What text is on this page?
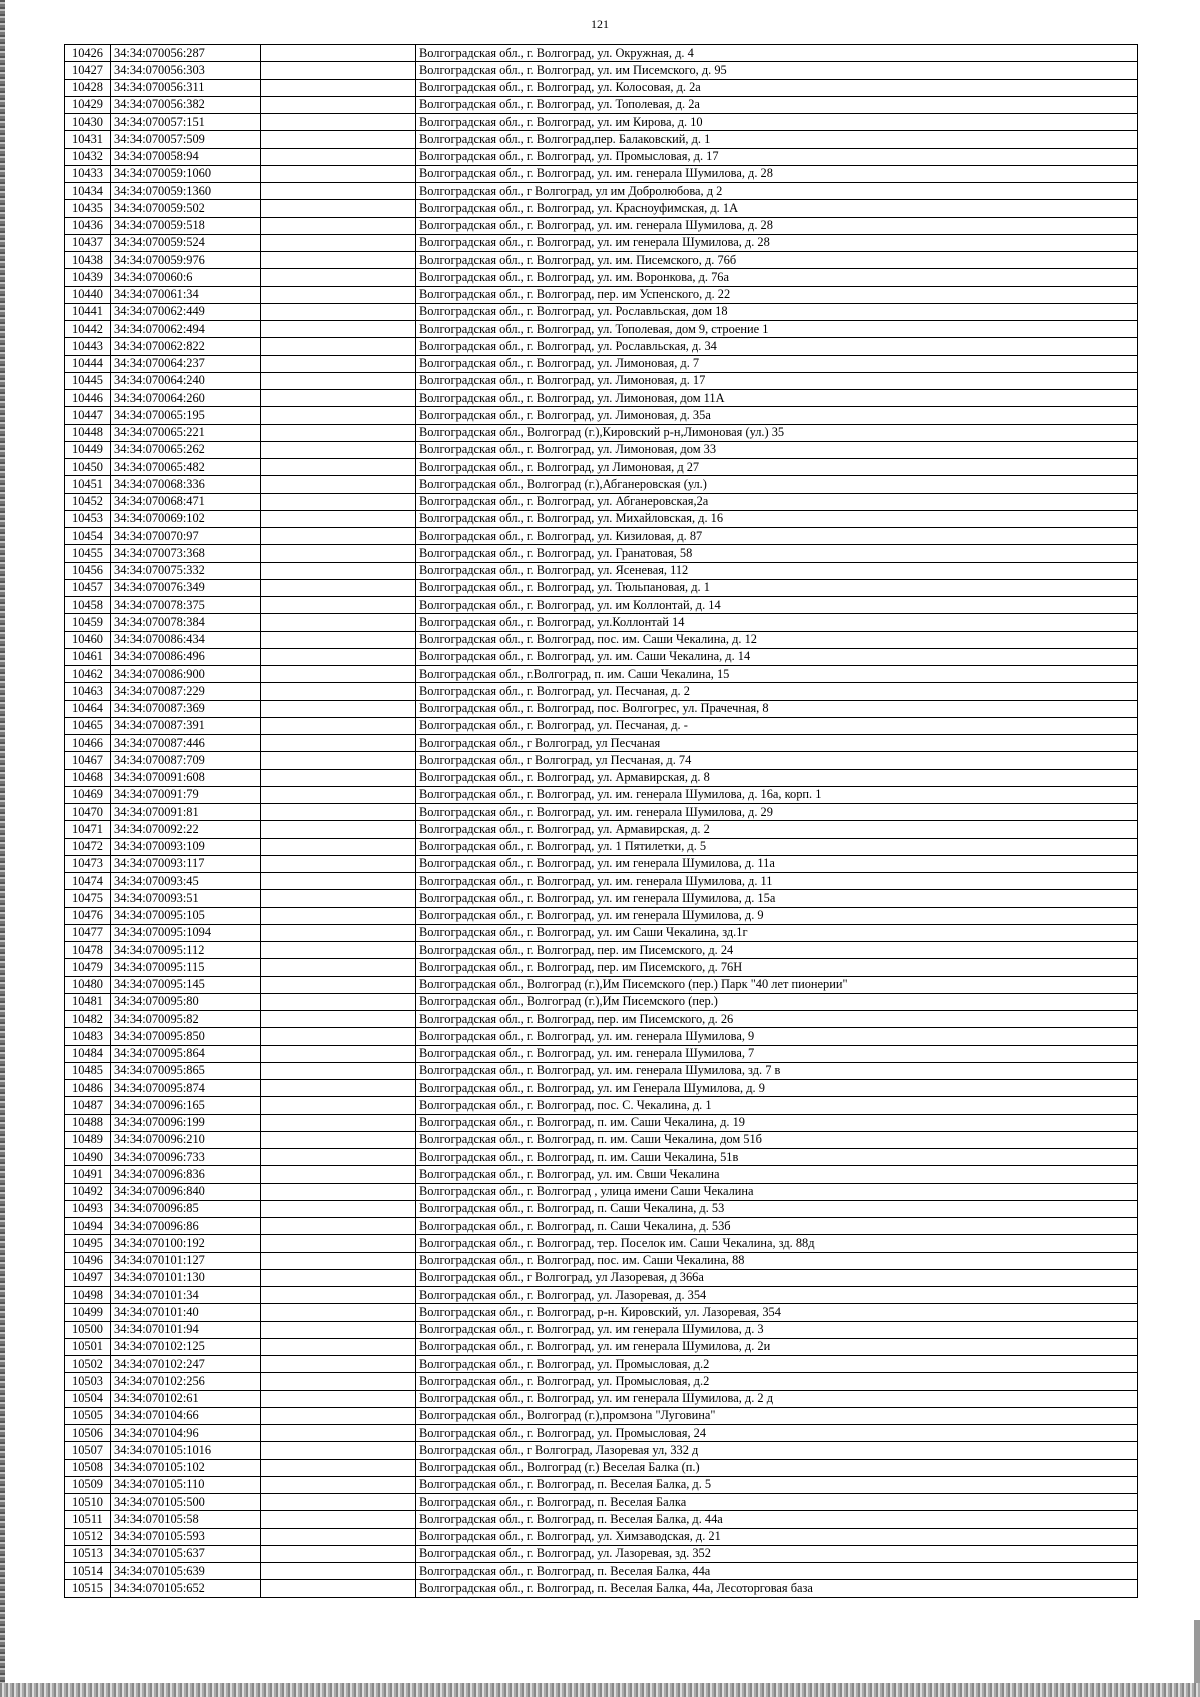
121
10426	34:34:070056:287		Волгоградская обл., г. Волгоград, ул. Окружная, д. 4
10427	34:34:070056:303		Волгоградская обл., г. Волгоград, ул. им Писемского, д. 95
10428	34:34:070056:311		Волгоградская обл., г. Волгоград, ул. Колосовая, д. 2а
10429	34:34:070056:382		Волгоградская обл., г. Волгоград, ул. Тополевая, д. 2а
10430	34:34:070057:151		Волгоградская обл., г. Волгоград, ул. им Кирова, д. 10
10431	34:34:070057:509		Волгоградская обл., г. Волгоград,пер. Балаковский, д. 1
10432	34:34:070058:94		Волгоградская обл., г. Волгоград, ул. Промысловая, д. 17
10433	34:34:070059:1060		Волгоградская обл., г. Волгоград, ул. им. генерала Шумилова, д. 28
10434	34:34:070059:1360		Волгоградская обл., г Волгоград, ул им Добролюбова, д 2
10435	34:34:070059:502		Волгоградская обл., г. Волгоград, ул. Красноуфимская, д. 1А
10436	34:34:070059:518		Волгоградская обл., г. Волгоград, ул. им. генерала Шумилова, д. 28
10437	34:34:070059:524		Волгоградская обл., г. Волгоград, ул. им генерала Шумилова, д. 28
10438	34:34:070059:976		Волгоградская обл., г. Волгоград, ул. им. Писемского, д. 76б
10439	34:34:070060:6		Волгоградская обл., г. Волгоград, ул. им. Воронкова, д. 76а
10440	34:34:070061:34		Волгоградская обл., г. Волгоград, пер. им Успенского, д. 22
10441	34:34:070062:449		Волгоградская обл., г. Волгоград, ул. Рославльская, дом 18
10442	34:34:070062:494		Волгоградская обл., г. Волгоград, ул. Тополевая, дом 9, строение 1
10443	34:34:070062:822		Волгоградская обл., г. Волгоград, ул. Рославльская, д. 34
10444	34:34:070064:237		Волгоградская обл., г. Волгоград, ул. Лимоновая, д. 7
10445	34:34:070064:240		Волгоградская обл., г. Волгоград, ул. Лимоновая, д. 17
10446	34:34:070064:260		Волгоградская обл., г. Волгоград, ул. Лимоновая, дом 11А
10447	34:34:070065:195		Волгоградская обл., г. Волгоград, ул. Лимоновая, д. 35а
10448	34:34:070065:221		Волгоградская обл., Волгоград (г.),Кировский р-н,Лимоновая (ул.) 35
10449	34:34:070065:262		Волгоградская обл., г. Волгоград, ул. Лимоновая, дом 33
10450	34:34:070065:482		Волгоградская обл., г. Волгоград, ул Лимоновая, д 27
10451	34:34:070068:336		Волгоградская обл., Волгоград (г.),Абганеровская (ул.)
10452	34:34:070068:471		Волгоградская обл., г. Волгоград, ул. Абганеровская,2а
10453	34:34:070069:102		Волгоградская обл., г. Волгоград, ул. Михайловская, д. 16
10454	34:34:070070:97		Волгоградская обл., г. Волгоград, ул. Кизиловая, д. 87
10455	34:34:070073:368		Волгоградская обл., г. Волгоград, ул. Гранатовая, 58
10456	34:34:070075:332		Волгоградская обл., г. Волгоград, ул. Ясеневая, 112
10457	34:34:070076:349		Волгоградская обл., г. Волгоград, ул. Тюльпановая, д. 1
10458	34:34:070078:375		Волгоградская обл., г. Волгоград, ул. им Коллонтай, д. 14
10459	34:34:070078:384		Волгоградская обл., г. Волгоград, ул.Коллонтай 14
10460	34:34:070086:434		Волгоградская обл., г. Волгоград, пос. им. Саши Чекалина, д. 12
10461	34:34:070086:496		Волгоградская обл., г. Волгоград, ул. им. Саши Чекалина, д. 14
10462	34:34:070086:900		Волгоградская обл., г.Волгоград, п. им. Саши Чекалина, 15
10463	34:34:070087:229		Волгоградская обл., г. Волгоград, ул. Песчаная, д. 2
10464	34:34:070087:369		Волгоградская обл., г. Волгоград, пос. Волгогрес, ул. Прачечная, 8
10465	34:34:070087:391		Волгоградская обл., г. Волгоград, ул. Песчаная, д. -
10466	34:34:070087:446		Волгоградская обл., г Волгоград, ул Песчаная
10467	34:34:070087:709		Волгоградская обл., г Волгоград, ул Песчаная, д. 74
10468	34:34:070091:608		Волгоградская обл., г. Волгоград, ул. Армавирская, д. 8
10469	34:34:070091:79		Волгоградская обл., г. Волгоград, ул. им. генерала Шумилова, д. 16а, корп. 1
10470	34:34:070091:81		Волгоградская обл., г. Волгоград, ул. им. генерала Шумилова, д. 29
10471	34:34:070092:22		Волгоградская обл., г. Волгоград, ул. Армавирская, д. 2
10472	34:34:070093:109		Волгоградская обл., г. Волгоград, ул. 1 Пятилетки, д. 5
10473	34:34:070093:117		Волгоградская обл., г. Волгоград, ул. им генерала Шумилова, д. 11а
10474	34:34:070093:45		Волгоградская обл., г. Волгоград, ул. им. генерала Шумилова, д. 11
10475	34:34:070093:51		Волгоградская обл., г. Волгоград, ул. им генерала Шумилова, д. 15а
10476	34:34:070095:105		Волгоградская обл., г. Волгоград, ул. им генерала Шумилова, д. 9
10477	34:34:070095:1094		Волгоградская обл., г. Волгоград, ул. им Саши Чекалина, зд.1г
10478	34:34:070095:112		Волгоградская обл., г. Волгоград, пер. им Писемского, д. 24
10479	34:34:070095:115		Волгоградская обл., г. Волгоград, пер. им Писемского, д. 76Н
10480	34:34:070095:145		Волгоградская обл., Волгоград (г.),Им Писемского (пер.) Парк "40 лет пионерии"
10481	34:34:070095:80		Волгоградская обл., Волгоград (г.),Им Писемского (пер.)
10482	34:34:070095:82		Волгоградская обл., г. Волгоград, пер. им Писемского, д. 26
10483	34:34:070095:850		Волгоградская обл., г. Волгоград, ул. им. генерала Шумилова, 9
10484	34:34:070095:864		Волгоградская обл., г. Волгоград, ул. им. генерала Шумилова, 7
10485	34:34:070095:865		Волгоградская обл., г. Волгоград, ул. им. генерала Шумилова, зд. 7 в
10486	34:34:070095:874		Волгоградская обл., г. Волгоград, ул. им Генерала Шумилова, д. 9
10487	34:34:070096:165		Волгоградская обл., г. Волгоград, пос. С. Чекалина, д. 1
10488	34:34:070096:199		Волгоградская обл., г. Волгоград, п. им. Саши Чекалина, д. 19
10489	34:34:070096:210		Волгоградская обл., г. Волгоград, п. им. Саши Чекалина, дом 51б
10490	34:34:070096:733		Волгоградская обл., г. Волгоград, п. им. Саши Чекалина, 51в
10491	34:34:070096:836		Волгоградская обл., г. Волгоград, ул. им. Свши Чекалина
10492	34:34:070096:840		Волгоградская обл., г. Волгоград , улица имени Саши Чекалина
10493	34:34:070096:85		Волгоградская обл., г. Волгоград, п. Саши Чекалина, д. 53
10494	34:34:070096:86		Волгоградская обл., г. Волгоград, п. Саши Чекалина, д. 53б
10495	34:34:070100:192		Волгоградская обл., г. Волгоград, тер. Поселок им. Саши Чекалина, зд. 88д
10496	34:34:070101:127		Волгоградская обл., г. Волгоград, пос. им. Саши Чекалина, 88
10497	34:34:070101:130		Волгоградская обл., г Волгоград, ул Лазоревая, д 366а
10498	34:34:070101:34		Волгоградская обл., г. Волгоград, ул. Лазоревая, д. 354
10499	34:34:070101:40		Волгоградская обл., г. Волгоград, р-н. Кировский, ул. Лазоревая, 354
10500	34:34:070101:94		Волгоградская обл., г. Волгоград, ул. им генерала Шумилова, д. 3
10501	34:34:070102:125		Волгоградская обл., г. Волгоград, ул. им генерала Шумилова, д. 2и
10502	34:34:070102:247		Волгоградская обл., г. Волгоград, ул. Промысловая, д.2
10503	34:34:070102:256		Волгоградская обл., г. Волгоград, ул. Промысловая, д.2
10504	34:34:070102:61		Волгоградская обл., г. Волгоград, ул. им генерала Шумилова, д. 2 д
10505	34:34:070104:66		Волгоградская обл., Волгоград (г.),промзона "Луговина"
10506	34:34:070104:96		Волгоградская обл., г. Волгоград, ул. Промысловая, 24
10507	34:34:070105:1016		Волгоградская обл., г Волгоград, Лазоревая ул, 332 д
10508	34:34:070105:102		Волгоградская обл., Волгоград (г.) Веселая Балка (п.)
10509	34:34:070105:110		Волгоградская обл., г. Волгоград, п. Веселая Балка, д. 5
10510	34:34:070105:500		Волгоградская обл., г. Волгоград, п. Веселая Балка
10511	34:34:070105:58		Волгоградская обл., г. Волгоград, п. Веселая Балка, д. 44а
10512	34:34:070105:593		Волгоградская обл., г. Волгоград, ул. Химзаводская, д. 21
10513	34:34:070105:637		Волгоградская обл., г. Волгоград, ул. Лазоревая, зд. 352
10514	34:34:070105:639		Волгоградская обл., г. Волгоград, п. Веселая Балка, 44а
10515	34:34:070105:652		Волгоградская обл., г. Волгоград, п. Веселая Балка, 44а, Лесоторговая база
